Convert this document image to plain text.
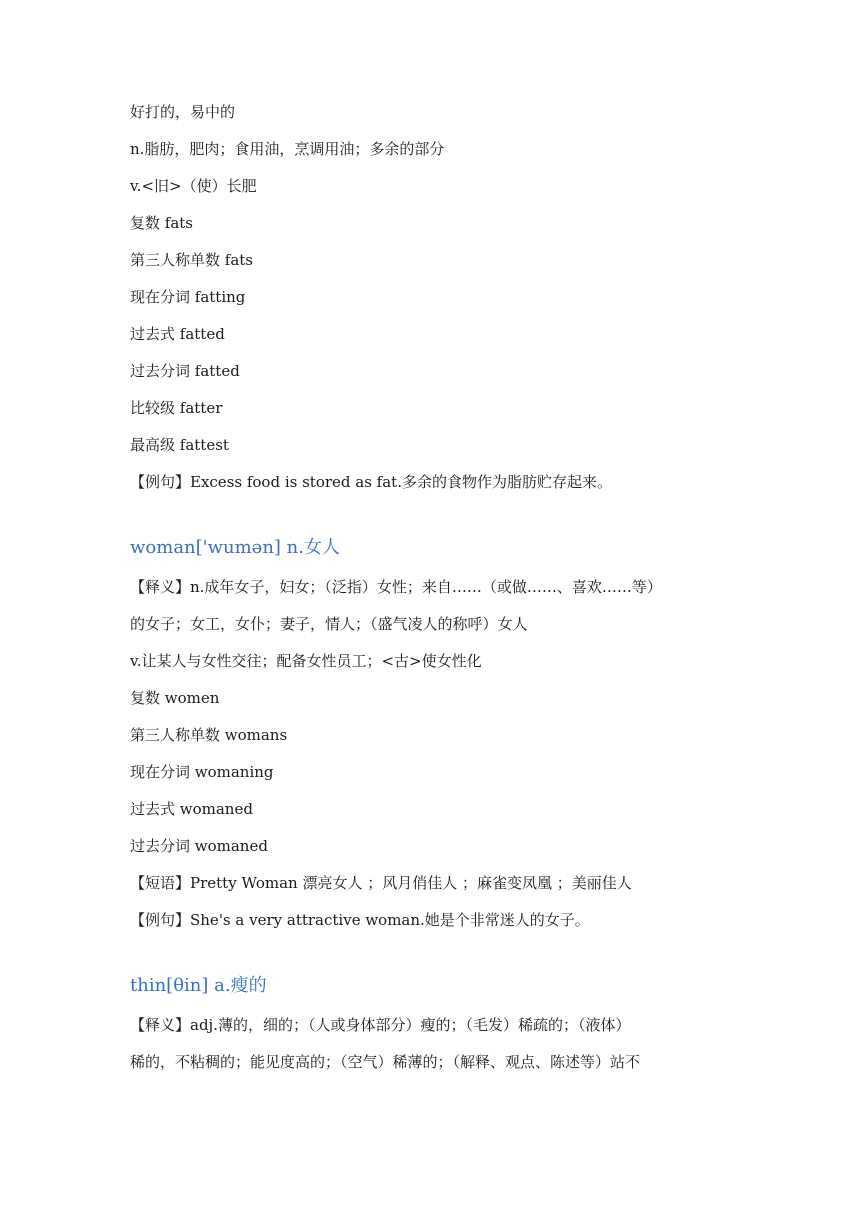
好打的，易中的
n.脂肪，肥肉；食用油，烹调用油；多余的部分
v.<旧>（使）长肥
复数 fats
第三人称单数 fats
现在分词 fatting
过去式 fatted
过去分词 fatted
比较级 fatter
最高级 fattest
【例句】Excess food is stored as fat.多余的食物作为脂肪贮存起来。
woman['wumən] n.女人
【释义】n.成年女子，妇女；（泛指）女性；来自……（或做……、喜欢……等）
的女子；女工，女仆；妻子，情人；（盛气凌人的称呼）女人
v.让某人与女性交往；配备女性员工；<古>使女性化
复数 women
第三人称单数 womans
现在分词 womaning
过去式 womaned
过去分词 womaned
【短语】Pretty Woman 漂亮女人 ；风月俏佳人 ；麻雀变凤凰 ；美丽佳人
【例句】She's a very attractive woman.她是个非常迷人的女子。
thin[θin] a.瘦的
【释义】adj.薄的，细的；（人或身体部分）瘦的；（毛发）稀疏的；（液体）
稀的，不粘稠的；能见度高的；（空气）稀薄的；（解释、观点、陈述等）站不
